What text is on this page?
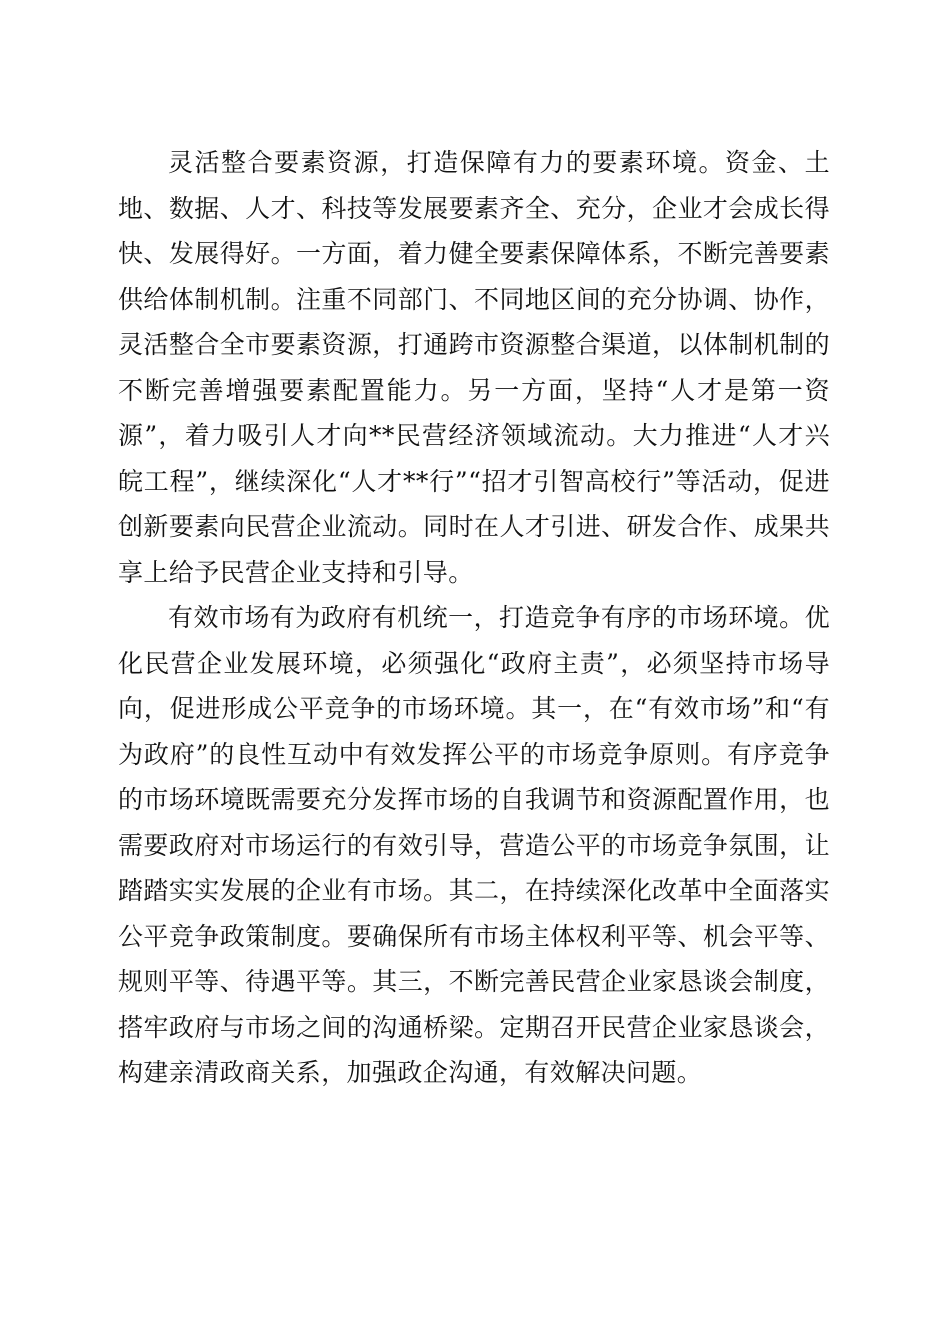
灵活整合要素资源，打造保障有力的要素环境。资金、土地、数据、人才、科技等发展要素齐全、充分，企业才会成长得快、发展得好。一方面，着力健全要素保障体系，不断完善要素供给体制机制。注重不同部门、不同地区间的充分协调、协作，灵活整合全市要素资源，打通跨市资源整合渠道，以体制机制的不断完善增强要素配置能力。另一方面，坚持“人才是第一资源”，着力吸引人才向**民营经济领域流动。大力推进“人才兴皖工程”，继续深化“人才**行”“招才引智高校行”等活动，促进创新要素向民营企业流动。同时在人才引进、研发合作、成果共享上给予民营企业支持和引导。

有效市场有为政府有机统一，打造竞争有序的市场环境。优化民营企业发展环境，必须强化“政府主责”，必须坚持市场导向，促进形成公平竞争的市场环境。其一，在“有效市场”和“有为政府”的良性互动中有效发挥公平的市场竞争原则。有序竞争的市场环境既需要充分发挥市场的自我调节和资源配置作用，也需要政府对市场运行的有效引导，营造公平的市场竞争氛围，让踏踏实实发展的企业有市场。其二，在持续深化改革中全面落实公平竞争政策制度。要确保所有市场主体权利平等、机会平等、规则平等、待遇平等。其三，不断完善民营企业家恳谈会制度，搭牢政府与市场之间的沟通桥梁。定期召开民营企业家恳谈会，构建亲清政商关系，加强政企沟通，有效解决问题。
